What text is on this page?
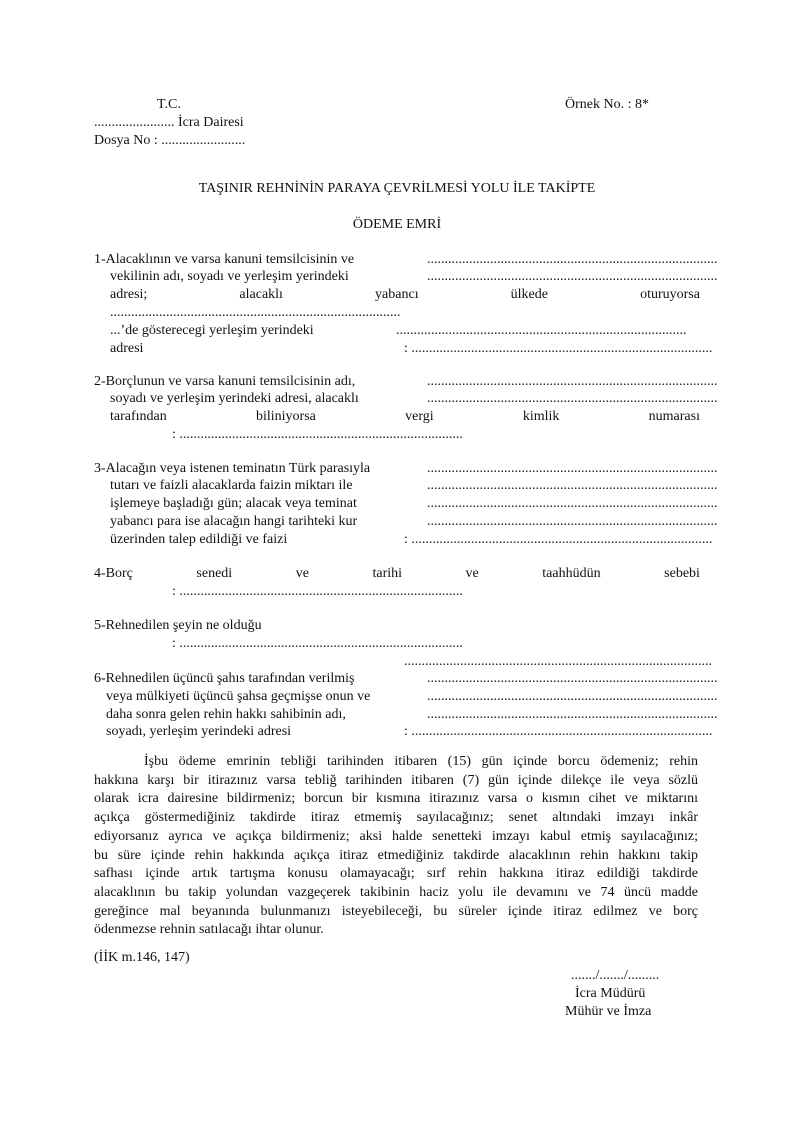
T.C.	Örnek No. : 8*
....................... İcra Dairesi
Dosya No : ........................
TAŞINIR REHNİNİN PARAYA ÇEVRİLMESİ YOLU İLE TAKİPTE
ÖDEME EMRİ
1-Alacaklının ve varsa kanuni temsilcisinin ve	...................................................................................
vekilinin adı, soyadı ve yerleşim yerindeki	...................................................................................
adresi;	alacaklı	yabancı	ülkede	oturuyorsa
...................................................................................
...’de gösterecegi yerleşim yerindeki	...................................................................................
adresi	: ......................................................................................
2-Borçlunun ve varsa kanuni temsilcisinin adı,	...................................................................................
soyadı ve yerleşim yerindeki adresi, alacaklı	...................................................................................
tarafından	biliniyorsa	vergi	kimlik	numarası
: .................................................................................
3-Alacağın veya istenen teminatın Türk parasıyla	...................................................................................
tutarı ve faizli alacaklarda faizin miktarı ile	...................................................................................
işlemeye başladığı gün; alacak veya teminat	...................................................................................
yabancı para ise alacağın hangi tarihteki kur	...................................................................................
üzerinden talep edildiği ve faizi	: ......................................................................................
4-Borç	senedi	ve	tarihi	ve	taahhüdün	sebebi
: .................................................................................
5-Rehnedilen şeyin ne olduğu
: .................................................................................
........................................................................................
6-Rehnedilen üçüncü şahıs tarafından verilmiş	...................................................................................
veya mülkiyeti üçüncü şahsa geçmişse onun ve	...................................................................................
daha sonra gelen rehin hakkı sahibinin adı,	...................................................................................
soyadı, yerleşim yerindeki adresi	: ......................................................................................
İşbu ödeme emrinin tebliği tarihinden itibaren (15) gün içinde borcu ödemeniz; rehin
hakkına karşı bir itirazınız varsa tebliğ tarihinden itibaren (7) gün içinde dilekçe ile veya sözlü
olarak icra dairesine bildirmeniz; borcun bir kısmına itirazınız varsa o kısmın cihet ve miktarını
açıkça göstermediğiniz takdirde itiraz etmemiş sayılacağınız; senet altındaki imzayı inkâr
ediyorsanız ayrıca ve açıkça bildirmeniz; aksi halde senetteki imzayı kabul etmiş sayılacağınız;
bu süre içinde rehin hakkında açıkça itiraz etmediğiniz takdirde alacaklının rehin hakkını takip
safhası içinde artık tartışma konusu olamayacağı; sırf rehin hakkına itiraz edildiği takdirde
alacaklının bu takip yolundan vazgeçerek takibinin haciz yolu ile devamını ve 74 üncü madde
gereğince mal beyanında bulunmanızı isteyebileceği, bu süreler içinde itiraz edilmez ve borç
ödenmezse rehnin satılacağı ihtar olunur.
(İİK m.146, 147)
......./......./.........
İcra Müdürü
Mühür ve İmza
